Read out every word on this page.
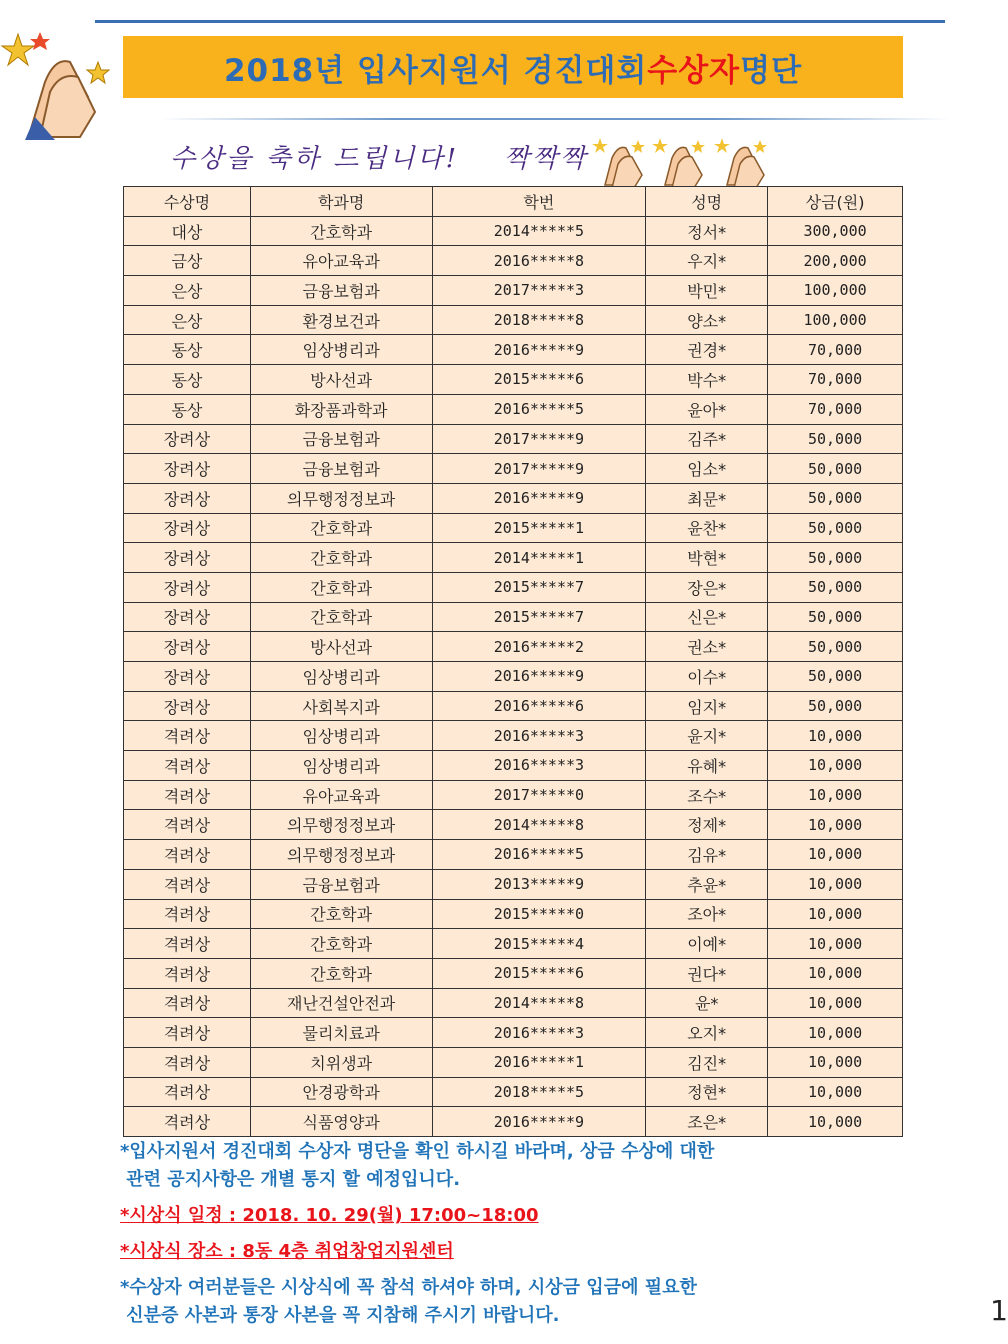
2018년 입사지원서 경진대회 수상자 명단
수상을 축하 드립니다!    짝짝짝
수상명	학과명	학번	성명	상금(원)
대상	간호학과	2014*****5	정서*	300,000
금상	유아교육과	2016*****8	우지*	200,000
은상	금융보험과	2017*****3	박민*	100,000
은상	환경보건과	2018*****8	양소*	100,000
동상	임상병리과	2016*****9	권경*	70,000
동상	방사선과	2015*****6	박수*	70,000
동상	화장품과학과	2016*****5	윤아*	70,000
장려상	금융보험과	2017*****9	김주*	50,000
장려상	금융보험과	2017*****9	임소*	50,000
장려상	의무행정정보과	2016*****9	최문*	50,000
장려상	간호학과	2015*****1	윤찬*	50,000
장려상	간호학과	2014*****1	박현*	50,000
장려상	간호학과	2015*****7	장은*	50,000
장려상	간호학과	2015*****7	신은*	50,000
장려상	방사선과	2016*****2	권소*	50,000
장려상	임상병리과	2016*****9	이수*	50,000
장려상	사회복지과	2016*****6	임지*	50,000
격려상	임상병리과	2016*****3	윤지*	10,000
격려상	임상병리과	2016*****3	유혜*	10,000
격려상	유아교육과	2017*****0	조수*	10,000
격려상	의무행정정보과	2014*****8	정제*	10,000
격려상	의무행정정보과	2016*****5	김유*	10,000
격려상	금융보험과	2013*****9	추윤*	10,000
격려상	간호학과	2015*****0	조아*	10,000
격려상	간호학과	2015*****4	이예*	10,000
격려상	간호학과	2015*****6	권다*	10,000
격려상	재난건설안전과	2014*****8	윤*	10,000
격려상	물리치료과	2016*****3	오지*	10,000
격려상	치위생과	2016*****1	김진*	10,000
격려상	안경광학과	2018*****5	정현*	10,000
격려상	식품영양과	2016*****9	조은*	10,000

*입사지원서 경진대회 수상자 명단을 확인 하시길 바라며, 상금 수상에 대한

관련 공지사항은 개별 통지 할 예정입니다.

*시상식 일정 : 2018. 10. 29(월) 17:00~18:00

*시상식 장소 : 8동 4층 취업창업지원센터

*수상자 여러분들은 시상식에 꼭 참석 하셔야 하며, 시상금 입금에 필요한

신분증 사본과 통장 사본을 꼭 지참해 주시기 바랍니다.	1
